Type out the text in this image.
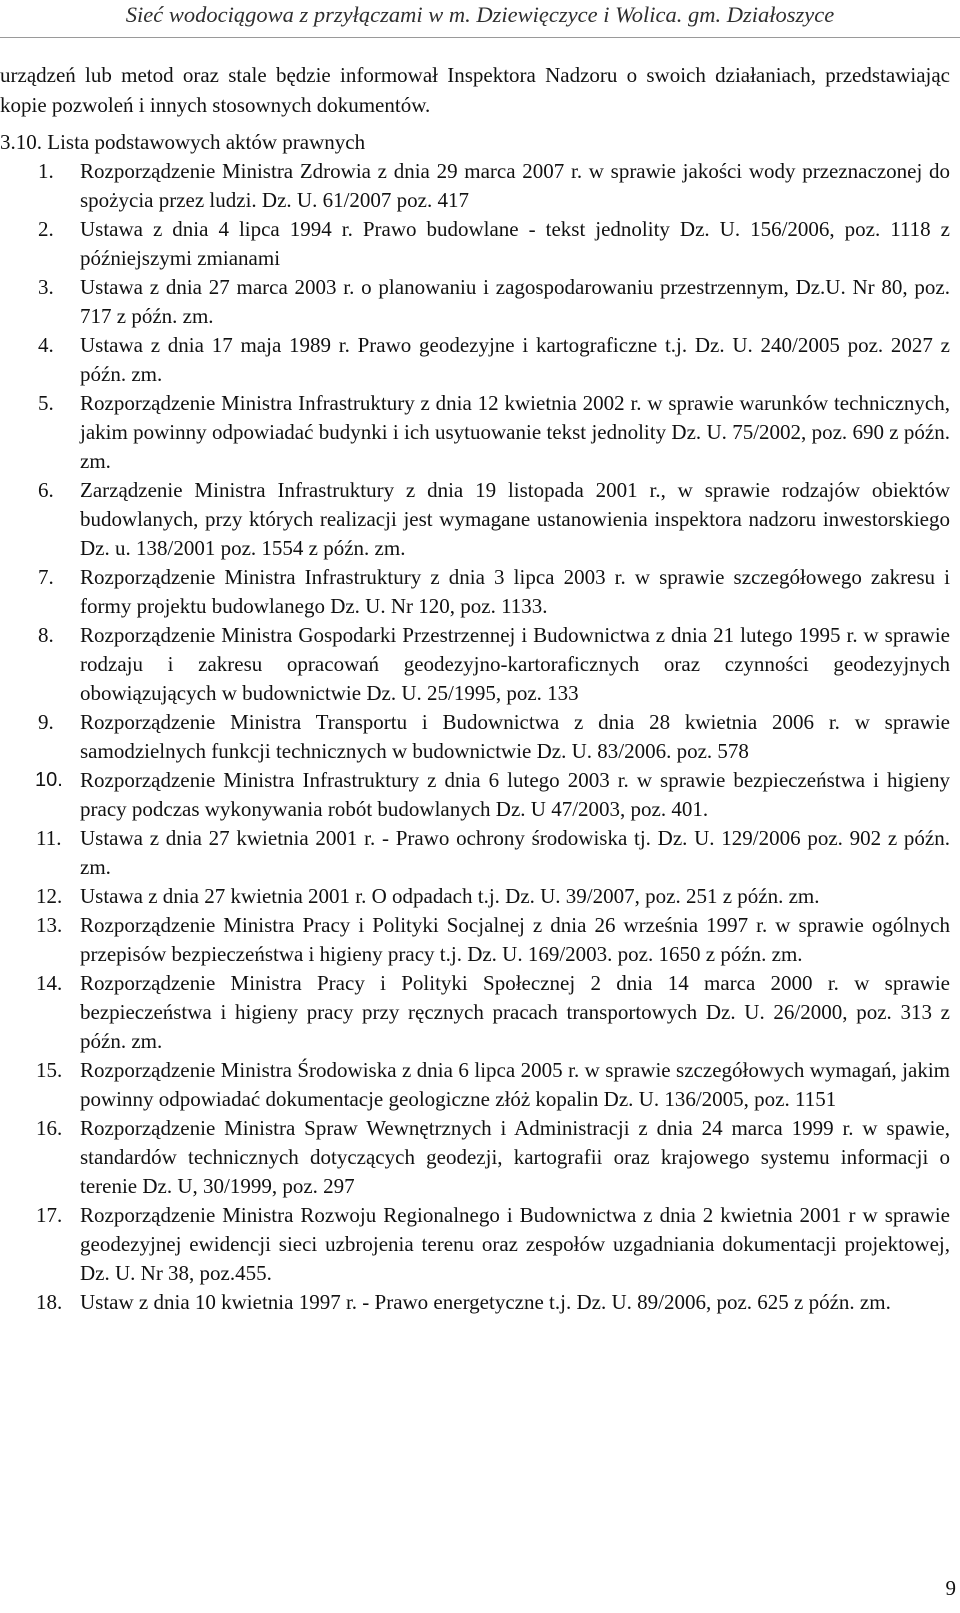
Sieć wodociągowa z przyłączami w m. Dziewięczyce i Wolica. gm. Działoszyce

urządzeń lub metod oraz stale będzie informował Inspektora Nadzoru o swoich działaniach, przedstawiając kopie pozwoleń i innych stosownych dokumentów.

3.10. Lista podstawowych aktów prawnych
1. Rozporządzenie Ministra Zdrowia z dnia 29 marca 2007 r. w sprawie jakości wody przeznaczonej do spożycia przez ludzi. Dz. U. 61/2007 poz. 417
2. Ustawa z dnia 4 lipca 1994 r. Prawo budowlane - tekst jednolity Dz. U. 156/2006, poz. 1118 z późniejszymi zmianami
3. Ustawa z dnia 27 marca 2003 r. o planowaniu i zagospodarowaniu przestrzennym, Dz.U. Nr 80, poz. 717 z późn. zm.
4. Ustawa z dnia 17 maja 1989 r. Prawo geodezyjne i kartograficzne t.j. Dz. U. 240/2005 poz. 2027 z późn. zm.
5. Rozporządzenie Ministra Infrastruktury z dnia 12 kwietnia 2002 r. w sprawie warunków technicznych, jakim powinny odpowiadać budynki i ich usytuowanie tekst jednolity Dz. U. 75/2002, poz. 690 z późn. zm.
6. Zarządzenie Ministra Infrastruktury z dnia 19 listopada 2001 r., w sprawie rodzajów obiektów budowlanych, przy których realizacji jest wymagane ustanowienia inspektora nadzoru inwestorskiego Dz. u. 138/2001 poz. 1554 z późn. zm.
7. Rozporządzenie Ministra Infrastruktury z dnia 3 lipca 2003 r. w sprawie szczegółowego zakresu i formy projektu budowlanego Dz. U. Nr 120, poz. 1133.
8. Rozporządzenie Ministra Gospodarki Przestrzennej i Budownictwa z dnia 21 lutego 1995 r. w sprawie rodzaju i zakresu opracowań geodezyjno-kartoraficznych oraz czynności geodezyjnych obowiązujących w budownictwie Dz. U. 25/1995, poz. 133
9. Rozporządzenie Ministra Transportu i Budownictwa z dnia 28 kwietnia 2006 r. w sprawie samodzielnych funkcji technicznych w budownictwie Dz. U. 83/2006. poz. 578
10. Rozporządzenie Ministra Infrastruktury z dnia 6 lutego 2003 r. w sprawie bezpieczeństwa i higieny pracy podczas wykonywania robót budowlanych Dz. U 47/2003, poz. 401.
11. Ustawa z dnia 27 kwietnia 2001 r. - Prawo ochrony środowiska tj. Dz. U. 129/2006 poz. 902 z późn. zm.
12. Ustawa z dnia 27 kwietnia 2001 r. O odpadach t.j. Dz. U. 39/2007, poz. 251 z późn. zm.
13. Rozporządzenie Ministra Pracy i Polityki Socjalnej z dnia 26 września 1997 r. w sprawie ogólnych przepisów bezpieczeństwa i higieny pracy t.j. Dz. U. 169/2003. poz. 1650 z późn. zm.
14. Rozporządzenie Ministra Pracy i Polityki Społecznej 2 dnia 14 marca 2000 r. w sprawie bezpieczeństwa i higieny pracy przy ręcznych pracach transportowych Dz. U. 26/2000, poz. 313 z późn. zm.
15. Rozporządzenie Ministra Środowiska z dnia 6 lipca 2005 r. w sprawie szczegółowych wymagań, jakim powinny odpowiadać dokumentacje geologiczne złóż kopalin Dz. U. 136/2005, poz. 1151
16. Rozporządzenie Ministra Spraw Wewnętrznych i Administracji z dnia 24 marca 1999 r. w spawie, standardów technicznych dotyczących geodezji, kartografii oraz krajowego systemu informacji o terenie Dz. U, 30/1999, poz. 297
17. Rozporządzenie Ministra Rozwoju Regionalnego i Budownictwa z dnia 2 kwietnia 2001 r w sprawie geodezyjnej ewidencji sieci uzbrojenia terenu oraz zespołów uzgadniania dokumentacji projektowej, Dz. U. Nr 38, poz.455.
18. Ustaw z dnia 10 kwietnia 1997 r. - Prawo energetyczne t.j. Dz. U. 89/2006, poz. 625 z późn. zm.
9
